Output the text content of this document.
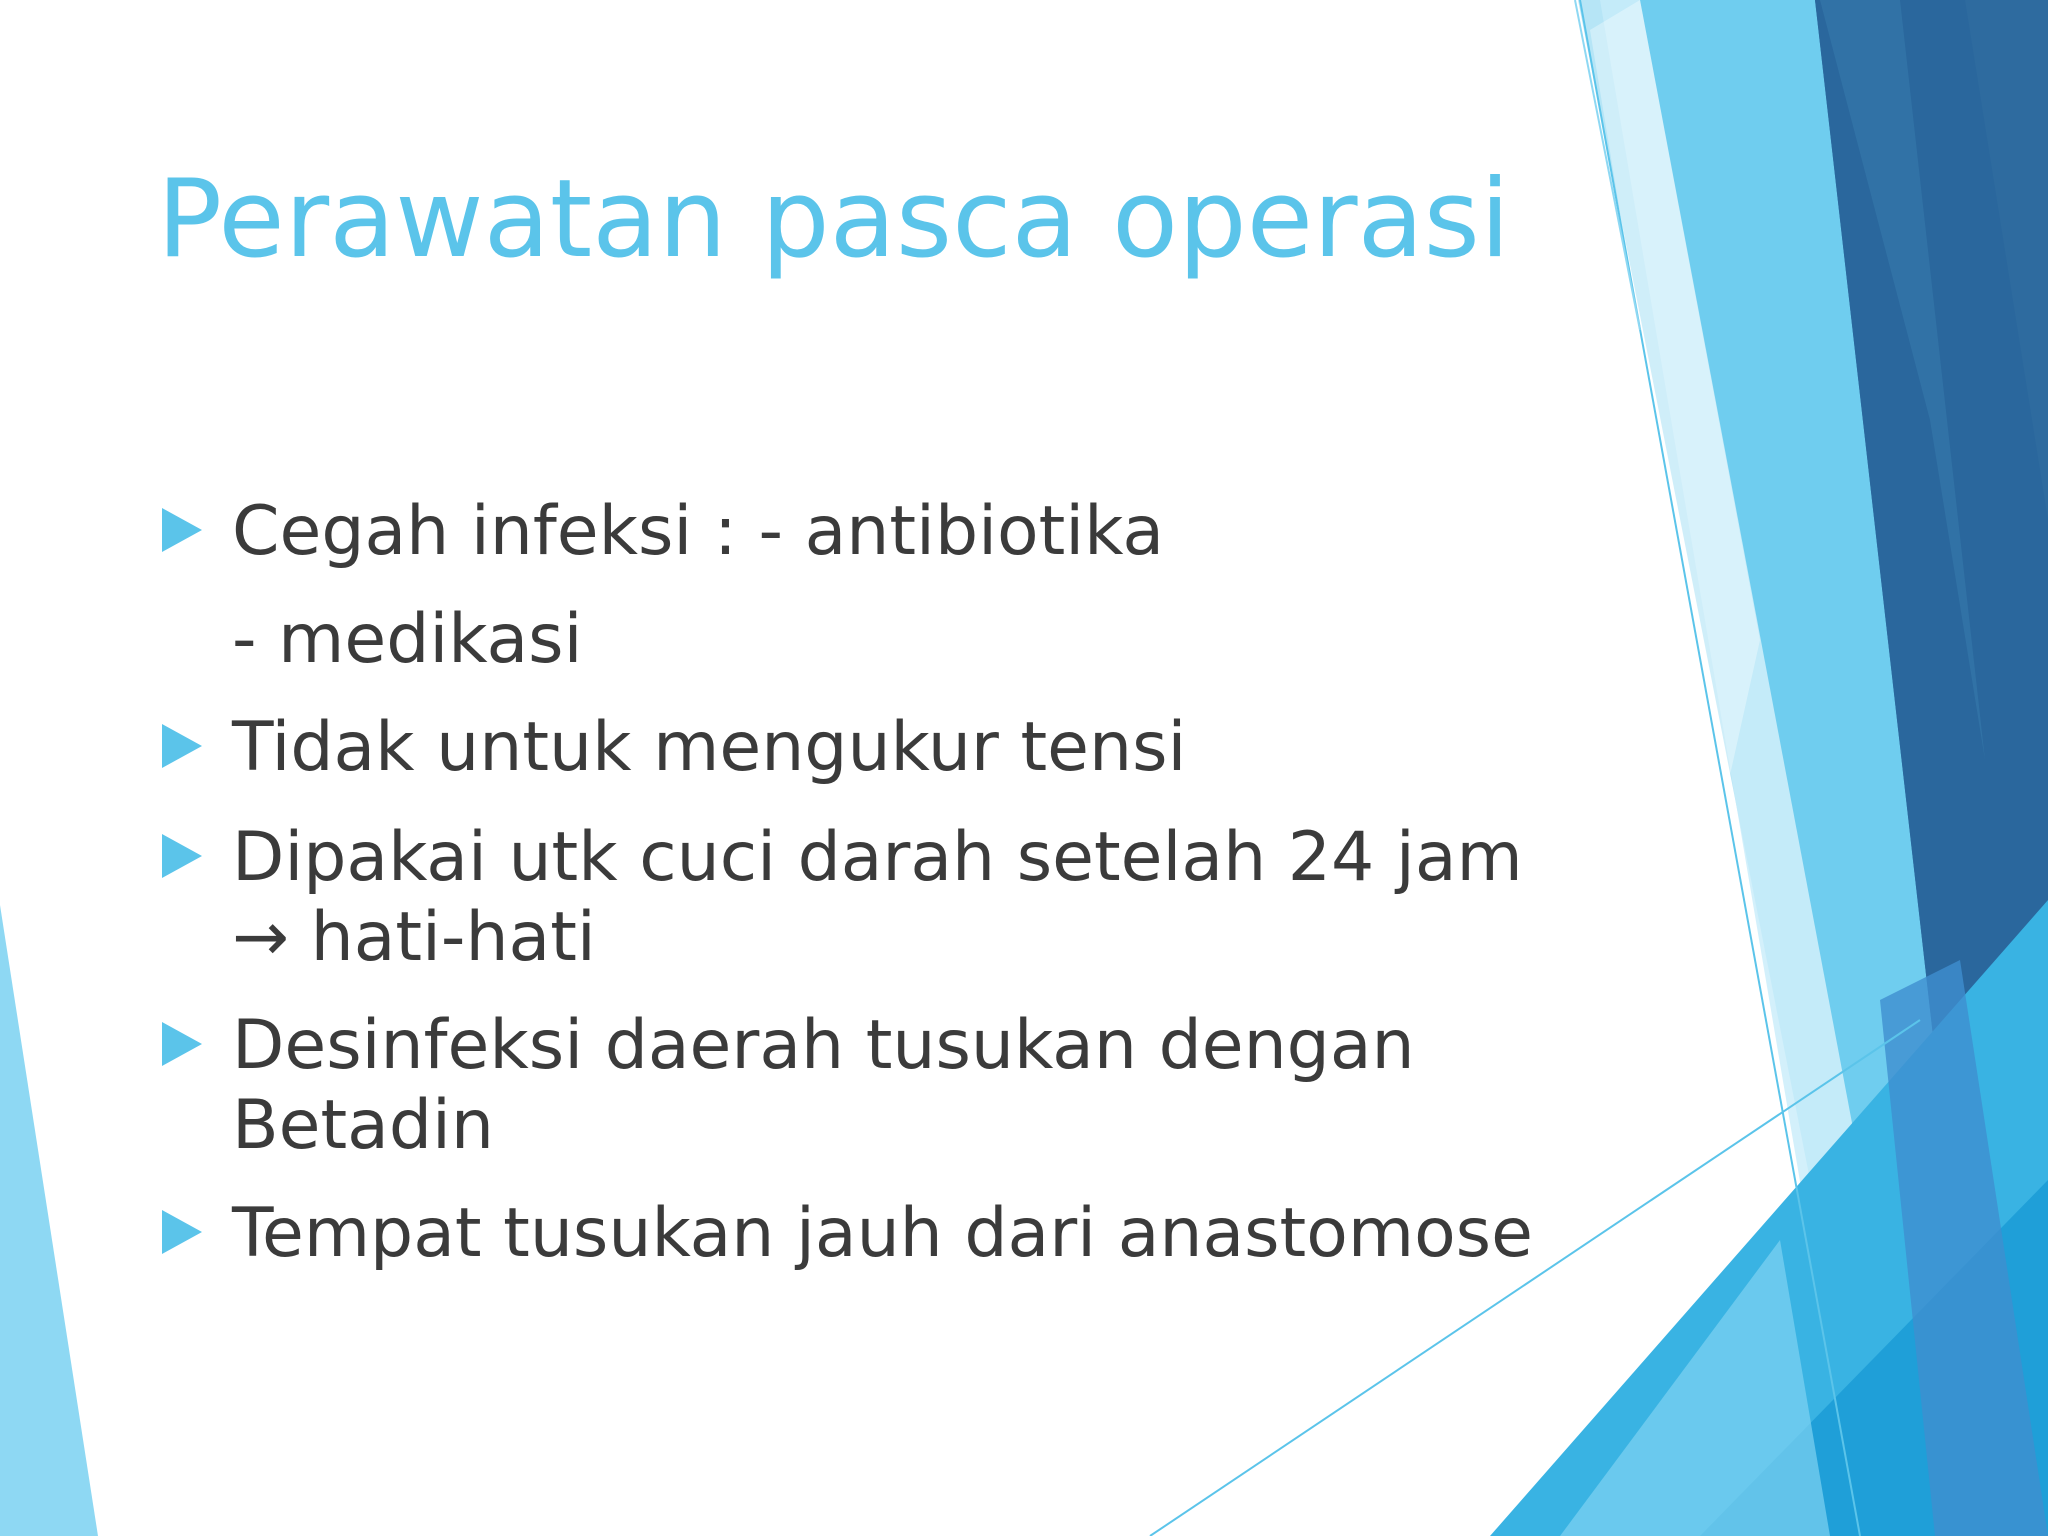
Perawatan pasca operasi
Cegah infeksi : - antibiotika
- medikasi
Tidak untuk mengukur tensi
Dipakai utk cuci darah setelah 24 jam
→ hati-hati
Desinfeksi daerah tusukan dengan
Betadin
Tempat tusukan jauh dari anastomose
